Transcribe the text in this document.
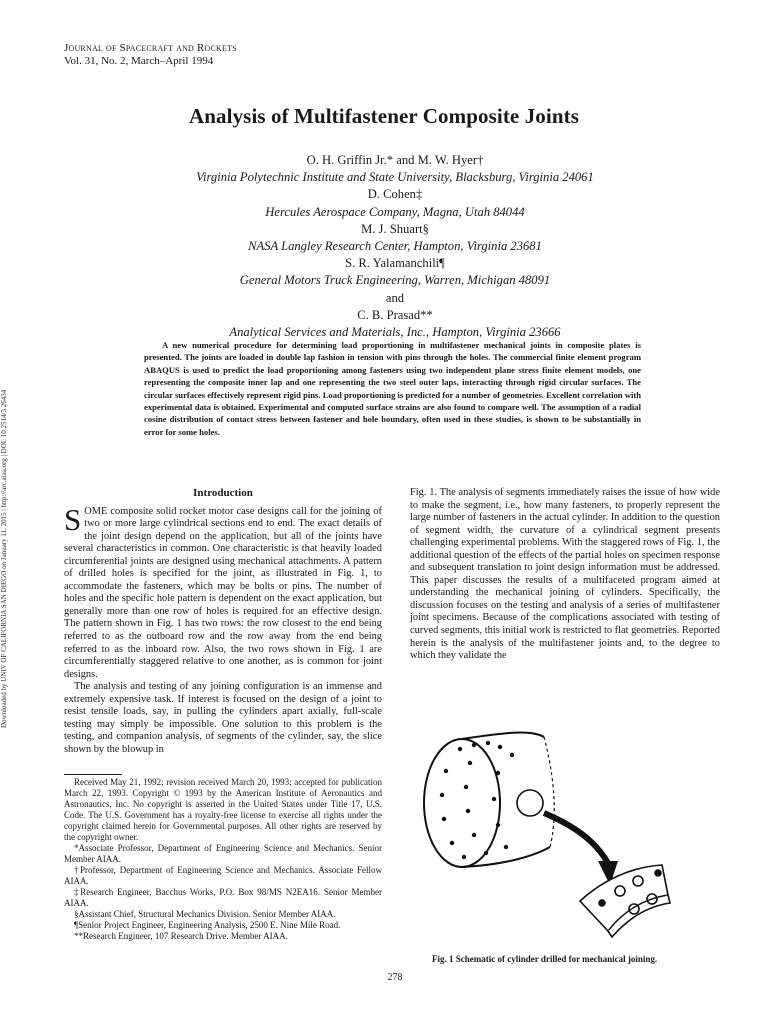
Journal of Spacecraft and Rockets
Vol. 31, No. 2, March–April 1994
Downloaded by UNIV OF CALIFORNIA SAN DIEGO on January 11, 2015 | http://arc.aiaa.org | DOI: 10.2514/3.26434
Analysis of Multifastener Composite Joints
O. H. Griffin Jr.* and M. W. Hyer†
Virginia Polytechnic Institute and State University, Blacksburg, Virginia 24061
D. Cohen‡
Hercules Aerospace Company, Magna, Utah 84044
M. J. Shuart§
NASA Langley Research Center, Hampton, Virginia 23681
S. R. Yalamanchili¶
General Motors Truck Engineering, Warren, Michigan 48091
and
C. B. Prasad**
Analytical Services and Materials, Inc., Hampton, Virginia 23666

A new numerical procedure for determining load proportioning in multifastener mechanical joints in composite plates is presented. The joints are loaded in double lap fashion in tension with pins through the holes. The commercial finite element program ABAQUS is used to predict the load proportioning among fasteners using two independent plane stress finite element models, one representing the composite inner lap and one representing the two steel outer laps, interacting through rigid circular surfaces. The circular surfaces effectively represent rigid pins. Load proportioning is predicted for a number of geometries. Excellent correlation with experimental data is obtained. Experimental and computed surface strains are also found to compare well. The assumption of a radial cosine distribution of contact stress between fastener and hole boundary, often used in these studies, is shown to be substantially in error for some holes.

Introduction

SOME composite solid rocket motor case designs call for the joining of two or more large cylindrical sections end to end. The exact details of the joint design depend on the application, but all of the joints have several characteristics in common. One characteristic is that heavily loaded circumferential joints are designed using mechanical attachments. A pattern of drilled holes is specified for the joint, as illustrated in Fig. 1, to accommodate the fasteners, which may be bolts or pins. The number of holes and the specific hole pattern is dependent on the exact application, but generally more than one row of holes is required for an effective design. The pattern shown in Fig. 1 has two rows: the row closest to the end being referred to as the outboard row and the row away from the end being referred to as the inboard row. Also, the two rows shown in Fig. 1 are circumferentially staggered relative to one another, as is common for joint designs.

The analysis and testing of any joining configuration is an immense and extremely expensive task. If interest is focused on the design of a joint to resist tensile loads, say, in pulling the cylinders apart axially, full-scale testing may simply be impossible. One solution to this problem is the testing, and companion analysis, of segments of the cylinder, say, the slice shown by the blowup in

Received May 21, 1992; revision received March 20, 1993; accepted for publication March 22, 1993. Copyright © 1993 by the American Institute of Aeronautics and Astronautics, Inc. No copyright is asserted in the United States under Title 17, U.S. Code. The U.S. Government has a royalty-free license to exercise all rights under the copyright claimed herein for Governmental purposes. All other rights are reserved by the copyright owner.

*Associate Professor, Department of Engineering Science and Mechanics. Senior Member AIAA.

†Professor, Department of Engineering Science and Mechanics. Associate Fellow AIAA.

‡Research Engineer, Bacchus Works, P.O. Box 98/MS N2EA16. Senior Member AIAA.

§Assistant Chief, Structural Mechanics Division. Senior Member AIAA.

¶Senior Project Engineer, Engineering Analysis, 2500 E. Nine Mile Road.

**Research Engineer, 107 Research Drive. Member AIAA.

Fig. 1. The analysis of segments immediately raises the issue of how wide to make the segment, i.e., how many fasteners, to properly represent the large number of fasteners in the actual cylinder. In addition to the question of segment width, the curvature of a cylindrical segment presents challenging experimental problems. With the staggered rows of Fig. 1, the additional question of the effects of the partial holes on specimen response and subsequent translation to joint design information must be addressed. This paper discusses the results of a multifaceted program aimed at understanding the mechanical joining of cylinders. Specifically, the discussion focuses on the testing and analysis of a series of multifastener joint specimens. Because of the complications associated with testing of curved segments, this initial work is restricted to flat geometries. Reported herein is the analysis of the multifastener joints and, to the degree to which they validate the

Fig. 1 Schematic of cylinder drilled for mechanical joining.
278
